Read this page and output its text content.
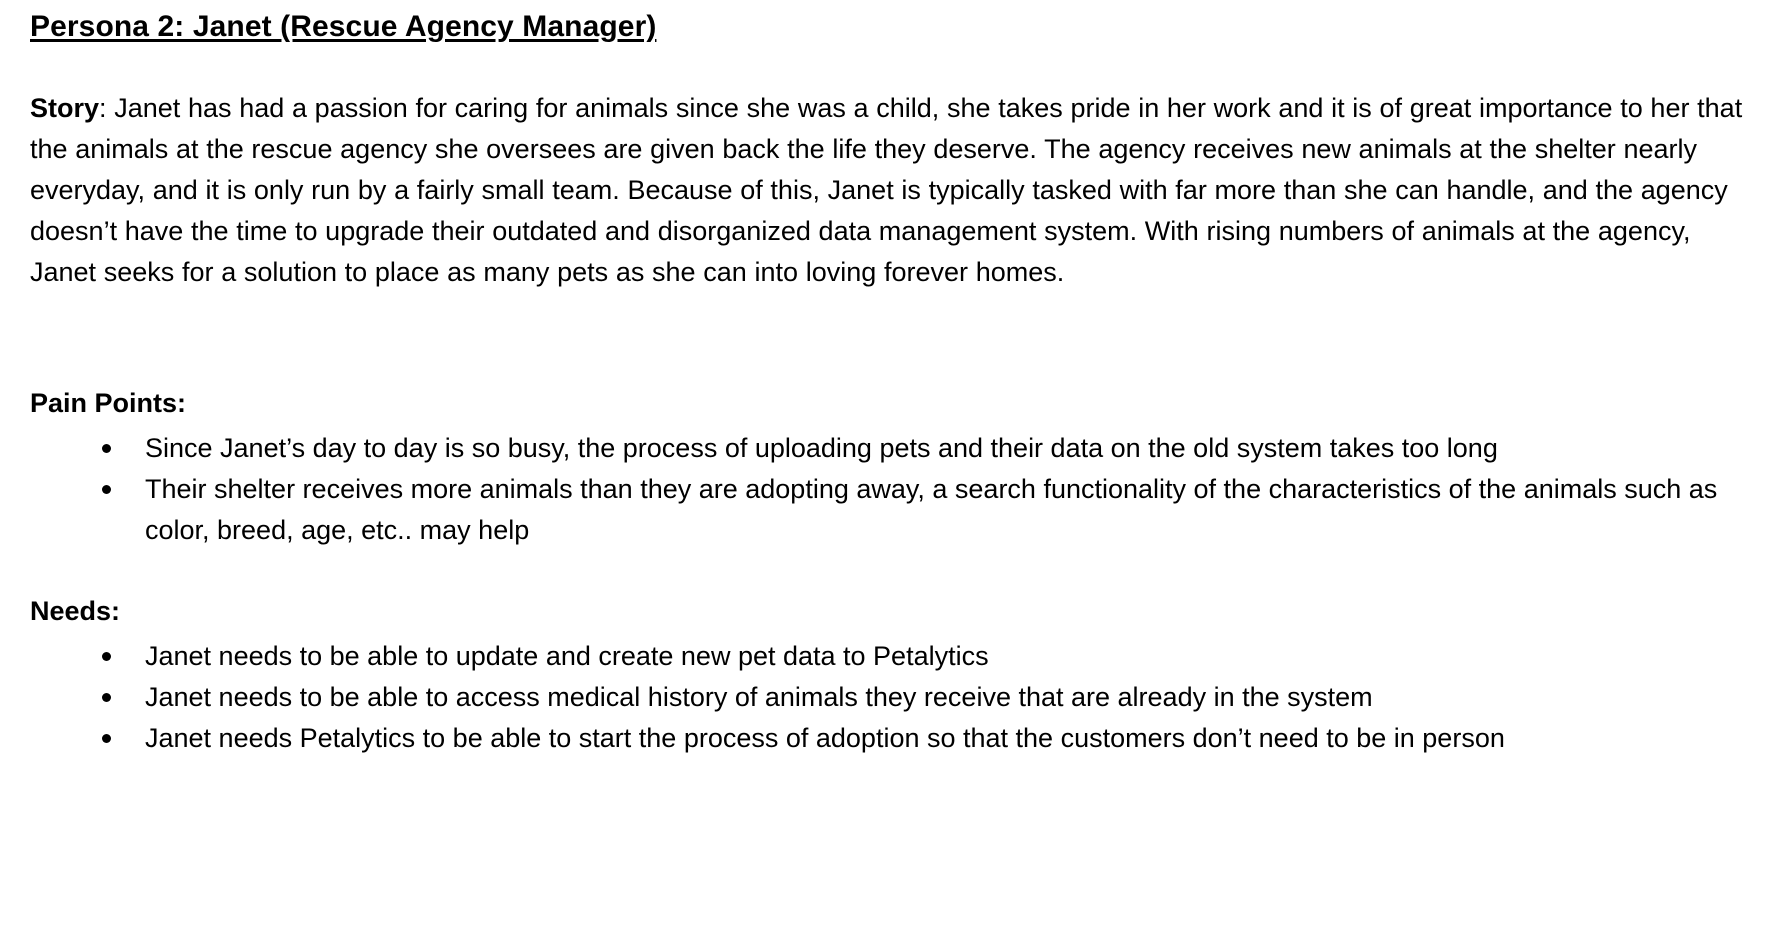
Persona 2: Janet (Rescue Agency Manager)

Story: Janet has had a passion for caring for animals since she was a child, she takes pride in her work and it is of great importance to her that the animals at the rescue agency she oversees are given back the life they deserve. The agency receives new animals at the shelter nearly everyday, and it is only run by a fairly small team. Because of this, Janet is typically tasked with far more than she can handle, and the agency doesn’t have the time to upgrade their outdated and disorganized data management system. With rising numbers of animals at the agency, Janet seeks for a solution to place as many pets as she can into loving forever homes.

Pain Points:

Since Janet’s day to day is so busy, the process of uploading pets and their data on the old system takes too long
Their shelter receives more animals than they are adopting away, a search functionality of the characteristics of the animals such as color, breed, age, etc.. may help

Needs:

Janet needs to be able to update and create new pet data to Petalytics
Janet needs to be able to access medical history of animals they receive that are already in the system
Janet needs Petalytics to be able to start the process of adoption so that the customers don’t need to be in person
